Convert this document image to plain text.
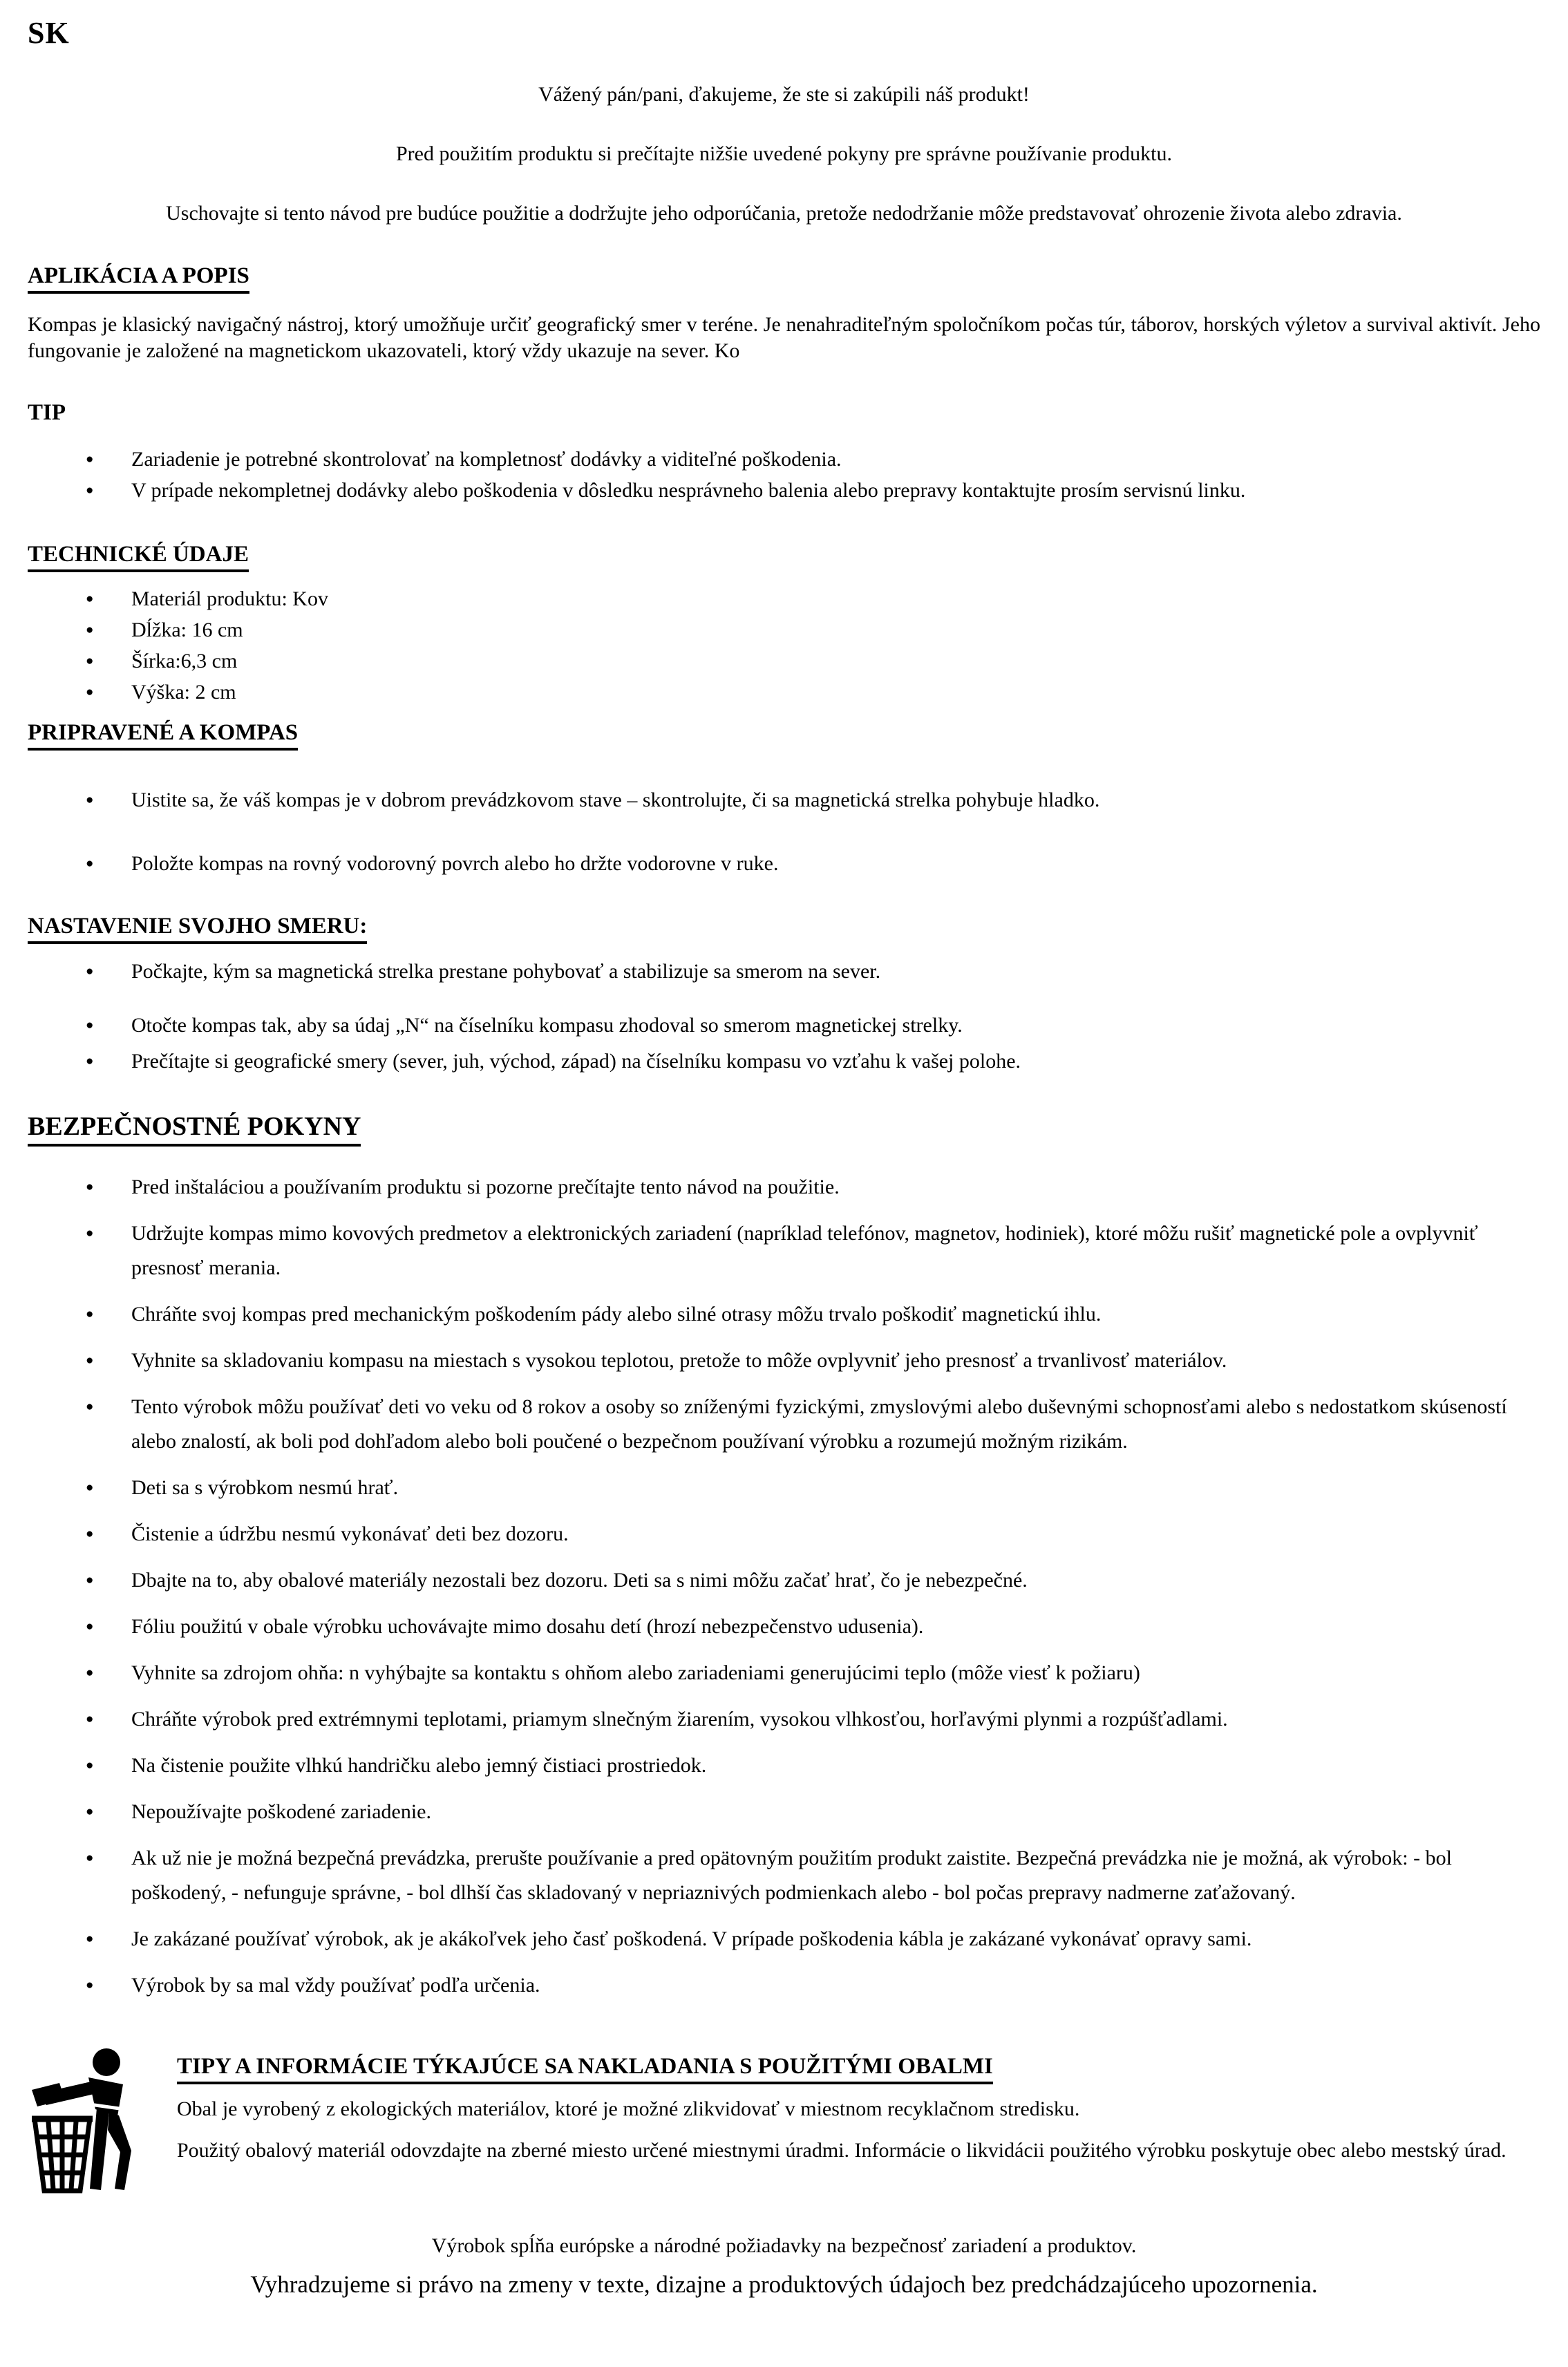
SK

Vážený pán/pani, ďakujeme, že ste si zakúpili náš produkt!

Pred použitím produktu si prečítajte nižšie uvedené pokyny pre správne používanie produktu.

Uschovajte si tento návod pre budúce použitie a dodržujte jeho odporúčania, pretože nedodržanie môže predstavovať ohrozenie života alebo zdravia.

APLIKÁCIA A POPIS

Kompas je klasický navigačný nástroj, ktorý umožňuje určiť geografický smer v teréne. Je nenahraditeľným spoločníkom počas túr, táborov, horských výletov a survival aktivít. Jeho fungovanie je založené na magnetickom ukazovateli, ktorý vždy ukazuje na sever. Ko

TIP
● Zariadenie je potrebné skontrolovať na kompletnosť dodávky a viditeľné poškodenia.
● V prípade nekompletnej dodávky alebo poškodenia v dôsledku nesprávneho balenia alebo prepravy kontaktujte prosím servisnú linku.
TECHNICKÉ ÚDAJE
● Materiál produktu: Kov
● Dĺžka: 16 cm
● Šírka:6,3 cm
● Výška: 2 cm
PRIPRAVENÉ A KOMPAS
● Uistite sa, že váš kompas je v dobrom prevádzkovom stave – skontrolujte, či sa magnetická strelka pohybuje hladko.
● Položte kompas na rovný vodorovný povrch alebo ho držte vodorovne v ruke.
NASTAVENIE SVOJHO SMERU:
● Počkajte, kým sa magnetická strelka prestane pohybovať a stabilizuje sa smerom na sever.
● Otočte kompas tak, aby sa údaj „N“ na číselníku kompasu zhodoval so smerom magnetickej strelky.
● Prečítajte si geografické smery (sever, juh, východ, západ) na číselníku kompasu vo vzťahu k vašej polohe.
BEZPEČNOSTNÉ POKYNY
● Pred inštaláciou a používaním produktu si pozorne prečítajte tento návod na použitie.
● Udržujte kompas mimo kovových predmetov a elektronických zariadení (napríklad telefónov, magnetov, hodiniek), ktoré môžu rušiť magnetické pole a ovplyvniť presnosť merania.
● Chráňte svoj kompas pred mechanickým poškodením pády alebo silné otrasy môžu trvalo poškodiť magnetickú ihlu.
● Vyhnite sa skladovaniu kompasu na miestach s vysokou teplotou, pretože to môže ovplyvniť jeho presnosť a trvanlivosť materiálov.
● Tento výrobok môžu používať deti vo veku od 8 rokov a osoby so zníženými fyzickými, zmyslovými alebo duševnými schopnosťami alebo s nedostatkom skúseností alebo znalostí, ak boli pod dohľadom alebo boli poučené o bezpečnom používaní výrobku a rozumejú možným rizikám.
● Deti sa s výrobkom nesmú hrať.
● Čistenie a údržbu nesmú vykonávať deti bez dozoru.
● Dbajte na to, aby obalové materiály nezostali bez dozoru. Deti sa s nimi môžu začať hrať, čo je nebezpečné.
● Fóliu použitú v obale výrobku uchovávajte mimo dosahu detí (hrozí nebezpečenstvo udusenia).
● Vyhnite sa zdrojom ohňa: n vyhýbajte sa kontaktu s ohňom alebo zariadeniami generujúcimi teplo (môže viesť k požiaru)
● Chráňte výrobok pred extrémnymi teplotami, priamym slnečným žiarením, vysokou vlhkosťou, horľavými plynmi a rozpúšťadlami.
● Na čistenie použite vlhkú handričku alebo jemný čistiaci prostriedok.
● Nepoužívajte poškodené zariadenie.
● Ak už nie je možná bezpečná prevádzka, prerušte používanie a pred opätovným použitím produkt zaistite. Bezpečná prevádzka nie je možná, ak výrobok: - bol poškodený, - nefunguje správne, - bol dlhší čas skladovaný v nepriaznivých podmienkach alebo - bol počas prepravy nadmerne zaťažovaný.
● Je zakázané používať výrobok, ak je akákoľvek jeho časť poškodená. V prípade poškodenia kábla je zakázané vykonávať opravy sami.
● Výrobok by sa mal vždy používať podľa určenia.
TIPY A INFORMÁCIE TÝKAJÚCE SA NAKLADANIA S POUŽITÝMI OBALMI

Obal je vyrobený z ekologických materiálov, ktoré je možné zlikvidovať v miestnom recyklačnom stredisku.

Použitý obalový materiál odovzdajte na zberné miesto určené miestnymi úradmi. Informácie o likvidácii použitého výrobku poskytuje obec alebo mestský úrad.

Výrobok spĺňa európske a národné požiadavky na bezpečnosť zariadení a produktov.

Vyhradzujeme si právo na zmeny v texte, dizajne a produktových údajoch bez predchádzajúceho upozornenia.
